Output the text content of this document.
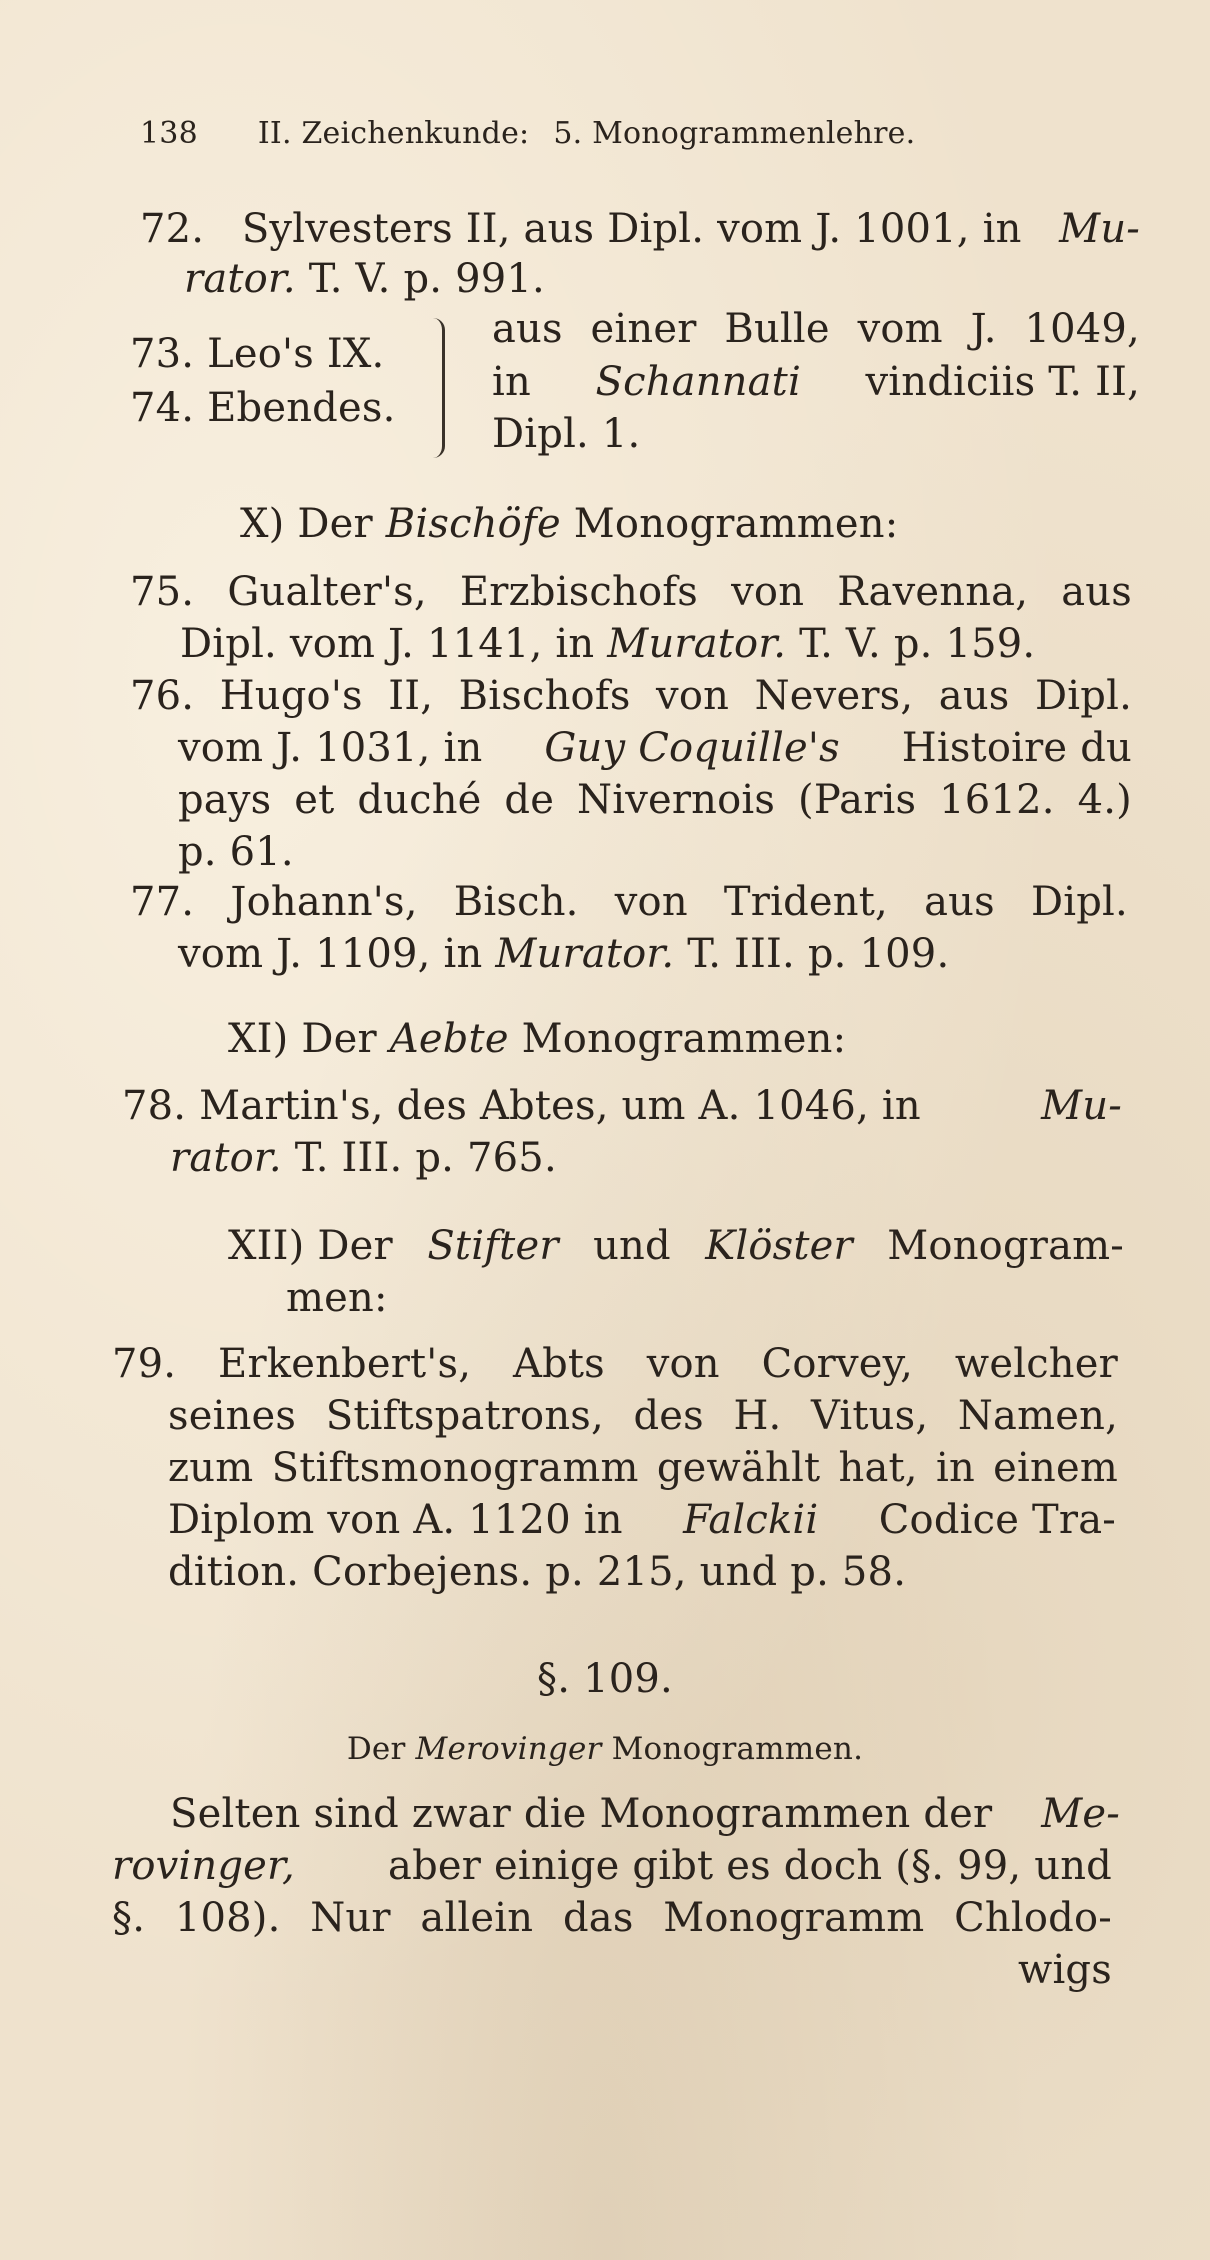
138 II. Zeichenkunde: 5. Monogrammenlehre.
72. Sylvesters II, aus Dipl. vom J. 1001, in Mu-
rator. T. V. p. 991.
73. Leo's IX.
74. Ebendes.
aus einer Bulle vom J. 1049,
in Schannati vindiciis T. II,
Dipl. 1.
X) Der Bischöfe Monogrammen:
75. Gualter's, Erzbischofs von Ravenna, aus
Dipl. vom J. 1141, in Murator. T. V. p. 159.
76. Hugo's II, Bischofs von Nevers, aus Dipl.
vom J. 1031, in Guy Coquille's Histoire du
pays et duché de Nivernois (Paris 1612. 4.)
p. 61.
77. Johann's, Bisch. von Trident, aus Dipl.
vom J. 1109, in Murator. T. III. p. 109.
XI) Der Aebte Monogrammen:
78. Martin's, des Abtes, um A. 1046, in	Mu-
rator. T. III. p. 765.
XII) Der Stifter und Klöster Monogram-
men:
79. Erkenbert's, Abts von Corvey, welcher
seines Stiftspatrons, des H. Vitus, Namen,
zum Stiftsmonogramm gewählt hat, in einem
Diplom von A. 1120 in Falckii Codice Tra-
dition. Corbejens. p. 215, und p. 58.
§. 109.
Der Merovinger Monogrammen.
Selten sind zwar die Monogrammen der Me-
rovinger, aber einige gibt es doch (§. 99, und
§. 108). Nur allein das Monogramm Chlodo-
wigs
